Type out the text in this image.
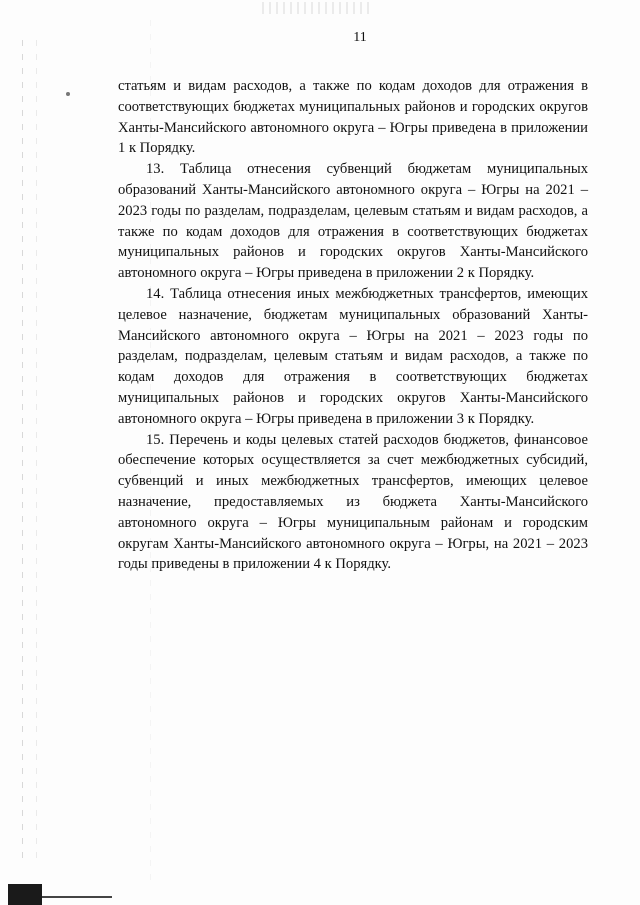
11

статьям и видам расходов, а также по кодам доходов для отражения в соответствующих бюджетах муниципальных районов и городских округов Ханты-Мансийского автономного округа – Югры приведена в приложении 1 к Порядку.

13. Таблица отнесения субвенций бюджетам муниципальных образований Ханты-Мансийского автономного округа – Югры на 2021 – 2023 годы по разделам, подразделам, целевым статьям и видам расходов, а также по кодам доходов для отражения в соответствующих бюджетах муниципальных районов и городских округов Ханты-Мансийского автономного округа – Югры приведена в приложении 2 к Порядку.

14. Таблица отнесения иных межбюджетных трансфертов, имеющих целевое назначение, бюджетам муниципальных образований Ханты-Мансийского автономного округа – Югры на 2021 – 2023 годы по разделам, подразделам, целевым статьям и видам расходов, а также по кодам доходов для отражения в соответствующих бюджетах муниципальных районов и городских округов Ханты-Мансийского автономного округа – Югры приведена в приложении 3 к Порядку.

15. Перечень и коды целевых статей расходов бюджетов, финансовое обеспечение которых осуществляется за счет межбюджетных субсидий, субвенций и иных межбюджетных трансфертов, имеющих целевое назначение, предоставляемых из бюджета Ханты-Мансийского автономного округа – Югры муниципальным районам и городским округам Ханты-Мансийского автономного округа – Югры, на 2021 – 2023 годы приведены в приложении 4 к Порядку.
